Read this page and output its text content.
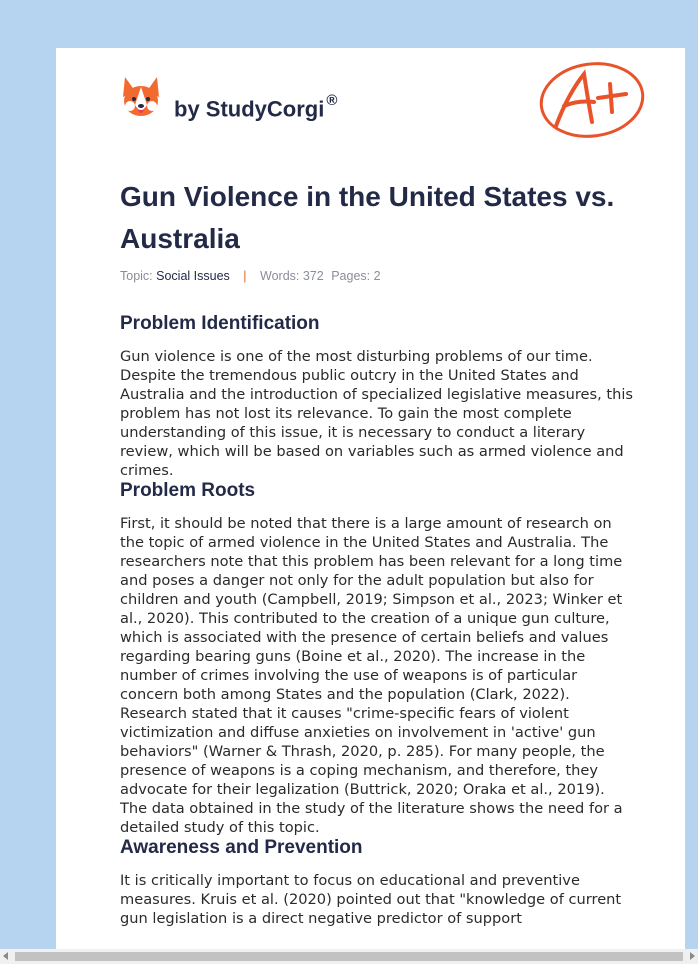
by StudyCorgi ®
Gun Violence in the United States vs. Australia
Topic: Social Issues | Words: 372 Pages: 2
Problem Identification

Gun violence is one of the most disturbing problems of our time. Despite the tremendous public outcry in the United States and Australia and the introduction of specialized legislative measures, this problem has not lost its relevance. To gain the most complete understanding of this issue, it is necessary to conduct a literary review, which will be based on variables such as armed violence and crimes.

Problem Roots

First, it should be noted that there is a large amount of research on the topic of armed violence in the United States and Australia. The researchers note that this problem has been relevant for a long time and poses a danger not only for the adult population but also for children and youth (Campbell, 2019; Simpson et al., 2023; Winker et al., 2020). This contributed to the creation of a unique gun culture, which is associated with the presence of certain beliefs and values regarding bearing guns (Boine et al., 2020). The increase in the number of crimes involving the use of weapons is of particular concern both among States and the population (Clark, 2022). Research stated that it causes "crime-specific fears of violent victimization and diffuse anxieties on involvement in 'active' gun behaviors" (Warner & Thrash, 2020, p. 285). For many people, the presence of weapons is a coping mechanism, and therefore, they advocate for their legalization (Buttrick, 2020; Oraka et al., 2019). The data obtained in the study of the literature shows the need for a detailed study of this topic.

Awareness and Prevention

It is critically important to focus on educational and preventive measures. Kruis et al. (2020) pointed out that "knowledge of current gun legislation is a direct negative predictor of support
